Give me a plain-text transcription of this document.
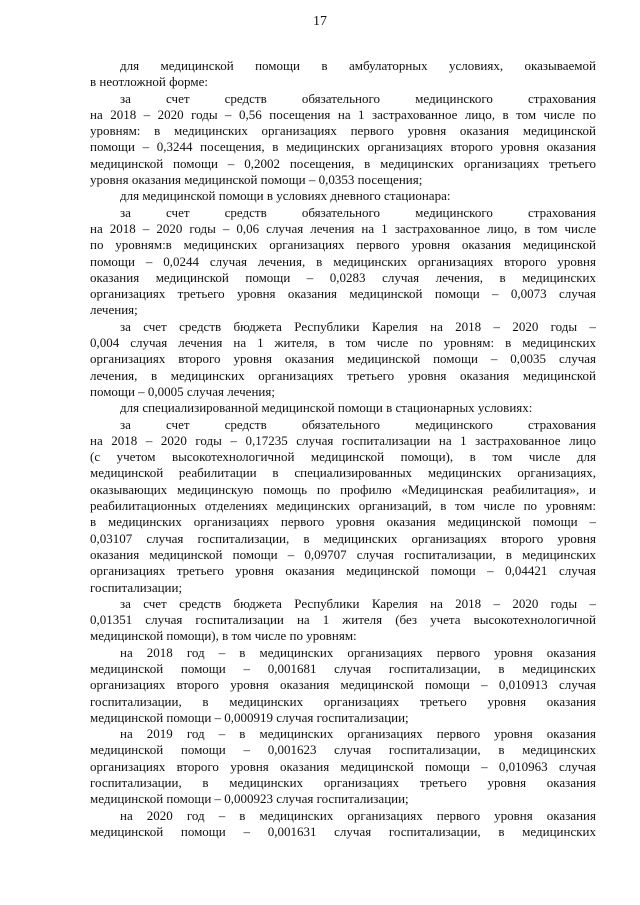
17
для медицинской помощи в амбулаторных условиях, оказываемой
в неотложной форме:
за счет средств обязательного медицинского страхования
на 2018 – 2020 годы – 0,56 посещения на 1 застрахованное лицо, в том числе по
уровням: в медицинских организациях первого уровня оказания медицинской
помощи – 0,3244 посещения, в медицинских организациях второго уровня оказания
медицинской помощи – 0,2002 посещения, в медицинских организациях третьего
уровня оказания медицинской помощи – 0,0353 посещения;
для медицинской помощи в условиях дневного стационара:
за счет средств обязательного медицинского страхования
на 2018 – 2020 годы – 0,06 случая лечения на 1 застрахованное лицо, в том числе
по уровням:в медицинских организациях первого уровня оказания медицинской
помощи – 0,0244 случая лечения, в медицинских организациях второго уровня
оказания медицинской помощи – 0,0283 случая лечения, в медицинских
организациях третьего уровня оказания медицинской помощи – 0,0073 случая
лечения;
за счет средств бюджета Республики Карелия на 2018 – 2020 годы –
0,004 случая лечения на 1 жителя, в том числе по уровням: в медицинских
организациях второго уровня оказания медицинской помощи – 0,0035 случая
лечения, в медицинских организациях третьего уровня оказания медицинской
помощи – 0,0005 случая лечения;
для специализированной медицинской помощи в стационарных условиях:
за счет средств обязательного медицинского страхования
на 2018 – 2020 годы – 0,17235 случая госпитализации на 1 застрахованное лицо
(с учетом высокотехнологичной медицинской помощи), в том числе для
медицинской реабилитации в специализированных медицинских организациях,
оказывающих медицинскую помощь по профилю «Медицинская реабилитация», и
реабилитационных отделениях медицинских организаций, в том числе по уровням:
в медицинских организациях первого уровня оказания медицинской помощи –
0,03107 случая госпитализации, в медицинских организациях второго уровня
оказания медицинской помощи – 0,09707 случая госпитализации, в медицинских
организациях третьего уровня оказания медицинской помощи – 0,04421 случая
госпитализации;
за счет средств бюджета Республики Карелия на 2018 – 2020 годы –
0,01351 случая госпитализации на 1 жителя (без учета высокотехнологичной
медицинской помощи), в том числе по уровням:
на 2018 год – в медицинских организациях первого уровня оказания
медицинской помощи – 0,001681 случая госпитализации, в медицинских
организациях второго уровня оказания медицинской помощи – 0,010913 случая
госпитализации, в медицинских организациях третьего уровня оказания
медицинской помощи – 0,000919 случая госпитализации;
на 2019 год – в медицинских организациях первого уровня оказания
медицинской помощи – 0,001623 случая госпитализации, в медицинских
организациях второго уровня оказания медицинской помощи – 0,010963 случая
госпитализации, в медицинских организациях третьего уровня оказания
медицинской помощи – 0,000923 случая госпитализации;
на 2020 год – в медицинских организациях первого уровня оказания
медицинской помощи – 0,001631 случая госпитализации, в медицинских
